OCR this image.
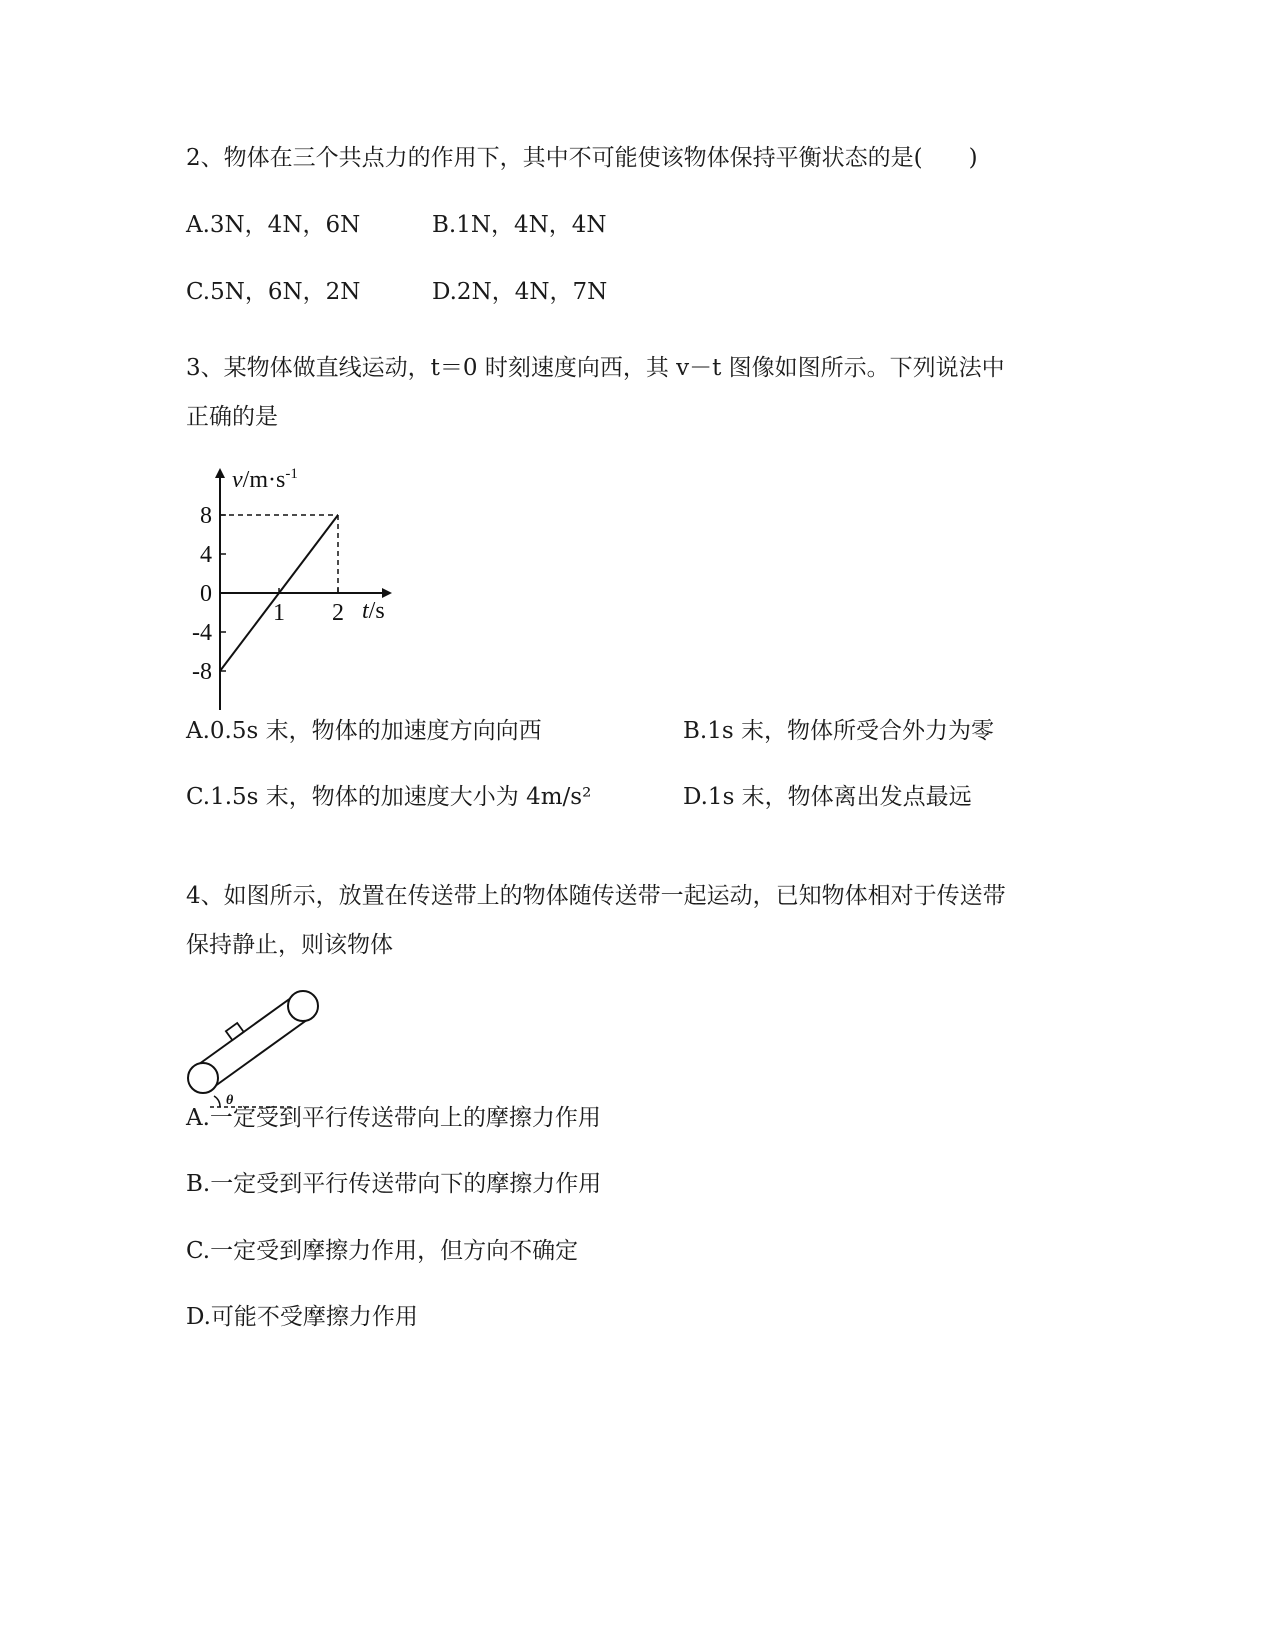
2、物体在三个共点力的作用下，其中不可能使该物体保持平衡状态的是(　　)
A.3N，4N，6N	B.1N，4N，4N
C.5N，6N，2N	D.2N，4N，7N
3、某物体做直线运动，t＝0 时刻速度向西，其 v－t 图像如图所示。下列说法中
正确的是
8
4
0
-4
-8
1 2
$v/m\cdot s^{-1}$
t/s
A.0.5s 末，物体的加速度方向向西	B.1s 末，物体所受合外力为零
C.1.5s 末，物体的加速度大小为 4m/s²	D.1s 末，物体离出发点最远
4、如图所示，放置在传送带上的物体随传送带一起运动，已知物体相对于传送带
保持静止，则该物体
θ
A.一定受到平行传送带向上的摩擦力作用
B.一定受到平行传送带向下的摩擦力作用
C.一定受到摩擦力作用，但方向不确定
D.可能不受摩擦力作用
